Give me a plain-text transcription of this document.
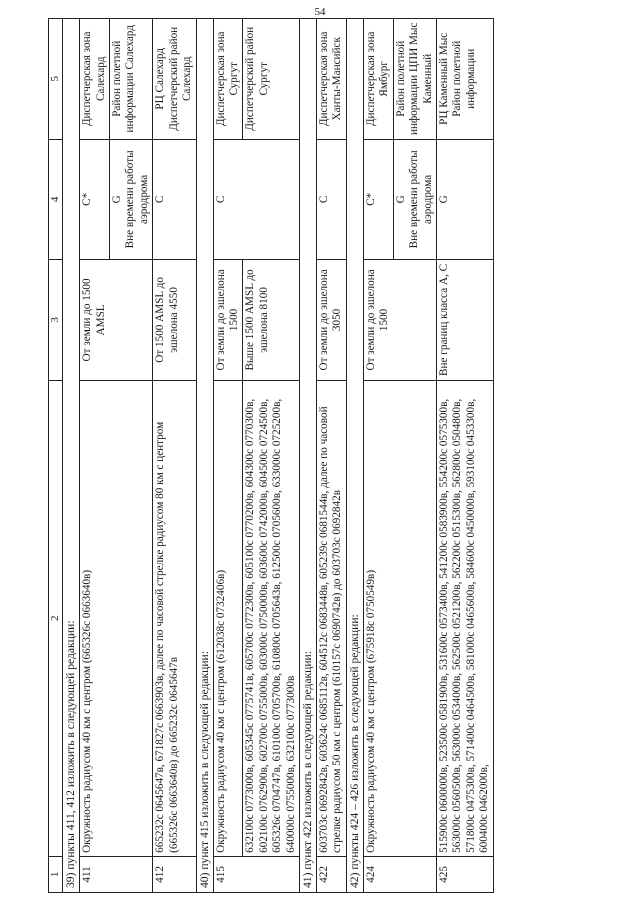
54
1	2	3	4	5
39) пункты 411, 412 изложить в следующей редакции:				
411	Окружность радиусом 40 км с центром (665326с 0663640в)	От земли до 1500 AMSL	С*	Диспетчерская зона Салехард

			G Вне времени работы аэродрома	Район полетной информации Салехард
412	665232с 0645647в, 671827с 0663903в, далее по часовой стрелке радиусом 80 км с центром (665326с 0663640в) до 665232с 0645647в	От 1500 AMSL до эшелона 4550	С	РЦ Салехард Диспетчерский район Салехард
40) пункт 415 изложить в следующей редакции:				
415	Окружность радиусом 40 км с центром (612038с 0732406в)	От земли до эшелона 1500	С	Диспетчерская зона Сургут
	632100с 0773000в, 605345с 0775741в, 605700с 0772300в, 605100с 0770200в, 604300с 0770300в, 602100с 0762900в, 602700с 0755000в, 603000с 0750000в, 603600с 0742000в, 604500с 0724500в, 605326с 0704747в, 610100с 0705700в, 610800с 0705643в, 612500с 0705600в, 633000с 0725200в, 640000с 0755000в, 632100с 0773000в	Выше 1500 AMSL до эшелона 8100		Диспетчерский район Сургут
41) пункт 422 изложить в следующей редакции:				
422	603703с 0692842в, 603624с 0685112в, 604512с 0683448в, 605239с 0681544в, далее по часовой стрелке радиусом 50 км с центром (610157с 0690742в) до 603703с 0692842в	От земли до эшелона 3050	С	Диспетчерская зона Ханты-Мансийск
42) пункты 424 – 426 изложить в следующей редакции:				
424	Окружность радиусом 40 км с центром (675918с 0750549в)	От земли до эшелона 1500	С*	Диспетчерская зона Ямбург

			G Вне времени работы аэродрома	Район полетной информации ЦПИ Мыс Каменный
425	515900с 0600000в, 523500с 0581900в, 531600с 0573400в, 541200с 0583900в, 554200с 0575300в, 563000с 0560500в, 563000с 0534000в, 562500с 0521200в, 562200с 0515300в, 562800с 0504800в, 571800с 0475300в, 571400с 0464500в, 581000с 0465600в, 584600с 0450000в, 593100с 0453300в, 600400с 0462000в,	Вне границ класса А, С	G	РЦ Каменный Мыс Район полетной информации
